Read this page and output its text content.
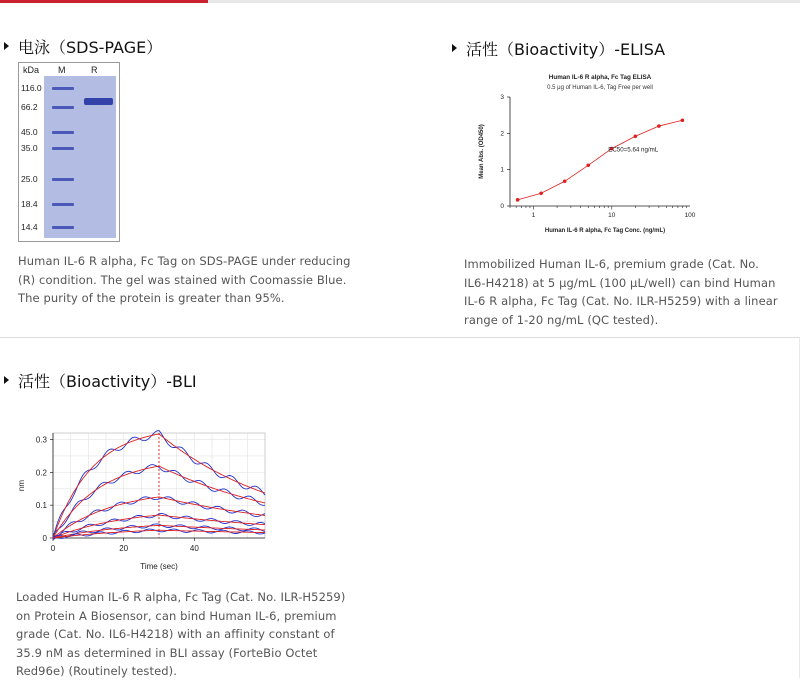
电泳（SDS-PAGE）
kDa M	R
116.0
66.2
45.0
35.0
25.0
18.4
14.4
Human IL-6 R alpha, Fc Tag on SDS-PAGE under reducing (R) condition. The gel was stained with Coomassie Blue. The purity of the protein is greater than 95%.
活性（Bioactivity）-ELISA
Human IL-6 R alpha, Fc Tag ELISA
0.5 μg of Human IL-6, Tag Free per well
0
1
2
3
1	10	100
Human IL-6 R alpha, Fc Tag Conc. (ng/mL)
Mean Abs. (OD450)	EC50=5.64 ng/mL
Immobilized Human IL-6, premium grade (Cat. No. IL6-H4218) at 5 μg/mL (100 μL/well) can bind Human IL-6 R alpha, Fc Tag (Cat. No. ILR-H5259) with a linear range of 1-20 ng/mL (QC tested).
活性（Bioactivity）-BLI
0
0.1
0.2
0.3
0	20	40
Time (sec)
nm
Loaded Human IL-6 R alpha, Fc Tag (Cat. No. ILR-H5259) on Protein A Biosensor, can bind Human IL-6, premium grade (Cat. No. IL6-H4218) with an affinity constant of 35.9 nM as determined in BLI assay (ForteBio Octet Red96e) (Routinely tested).
